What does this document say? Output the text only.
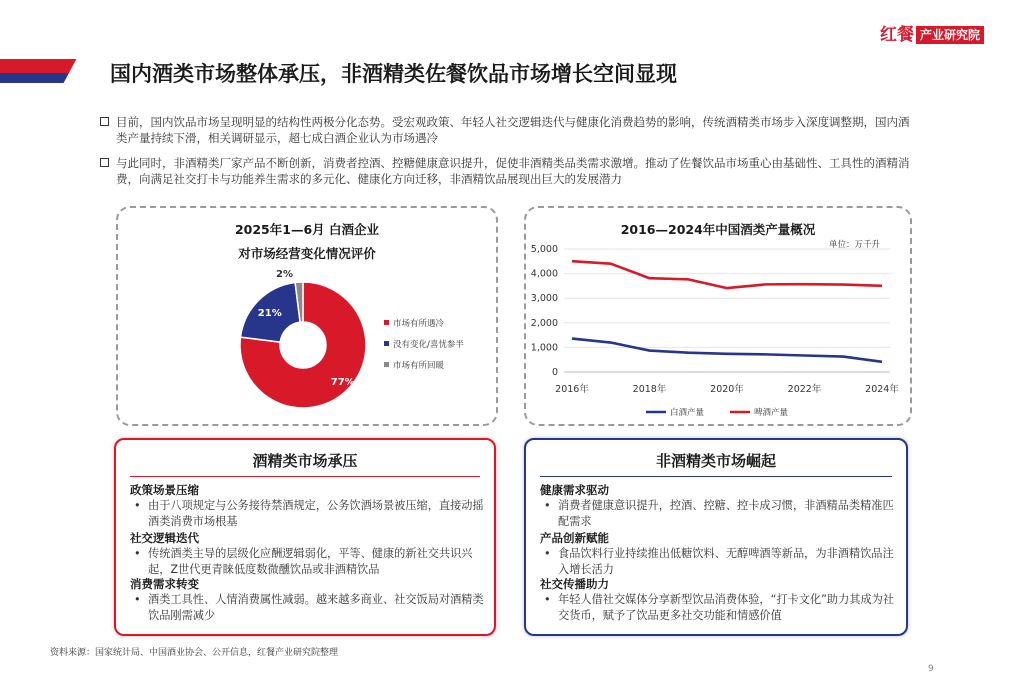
国内酒类市场整体承压，非酒精类佐餐饮品市场增长空间显现
红餐 产业研究院
目前，国内饮品市场呈现明显的结构性两极分化态势。受宏观政策、年轻人社交逻辑迭代与健康化消费趋势的影响，传统酒精类市场步入深度调整期，国内酒类产量持续下滑，相关调研显示，超七成白酒企业认为市场遇冷
与此同时，非酒精类厂家产品不断创新，消费者控酒、控糖健康意识提升，促使非酒精类品类需求激增。推动了佐餐饮品市场重心由基础性、工具性的酒精消费，向满足社交打卡与功能养生需求的多元化、健康化方向迁移，非酒精饮品展现出巨大的发展潜力
2025年1—6月 白酒企业
对市场经营变化情况评价
77%
21%
2%
市场有所遇冷
没有变化/喜忧参半
市场有所回暖
2016—2024年中国酒类产量概况
单位：万千升
0
1,000
2,000
3,000
4,000
5,000
2016年	2018年	2020年	2022年	2024年
白酒产量	啤酒产量
酒精类市场承压
政策场景压缩
• 由于八项规定与公务接待禁酒规定，公务饮酒场景被压缩，直接动摇酒类消费市场根基
社交逻辑迭代
• 传统酒类主导的层级化应酬逻辑弱化，平等、健康的新社交共识兴起，Z世代更青睐低度数微醺饮品或非酒精饮品
消费需求转变
• 酒类工具性、人情消费属性减弱。越来越多商业、社交饭局对酒精类饮品刚需减少
非酒精类市场崛起
健康需求驱动
• 消费者健康意识提升，控酒、控糖、控卡成习惯，非酒精品类精准匹配需求
产品创新赋能
• 食品饮料行业持续推出低糖饮料、无醇啤酒等新品，为非酒精饮品注入增长活力
社交传播助力
• 年轻人借社交媒体分享新型饮品消费体验，“打卡文化”助力其成为社交货币，赋予了饮品更多社交功能和情感价值
资料来源：国家统计局、中国酒业协会、公开信息，红餐产业研究院整理
9
